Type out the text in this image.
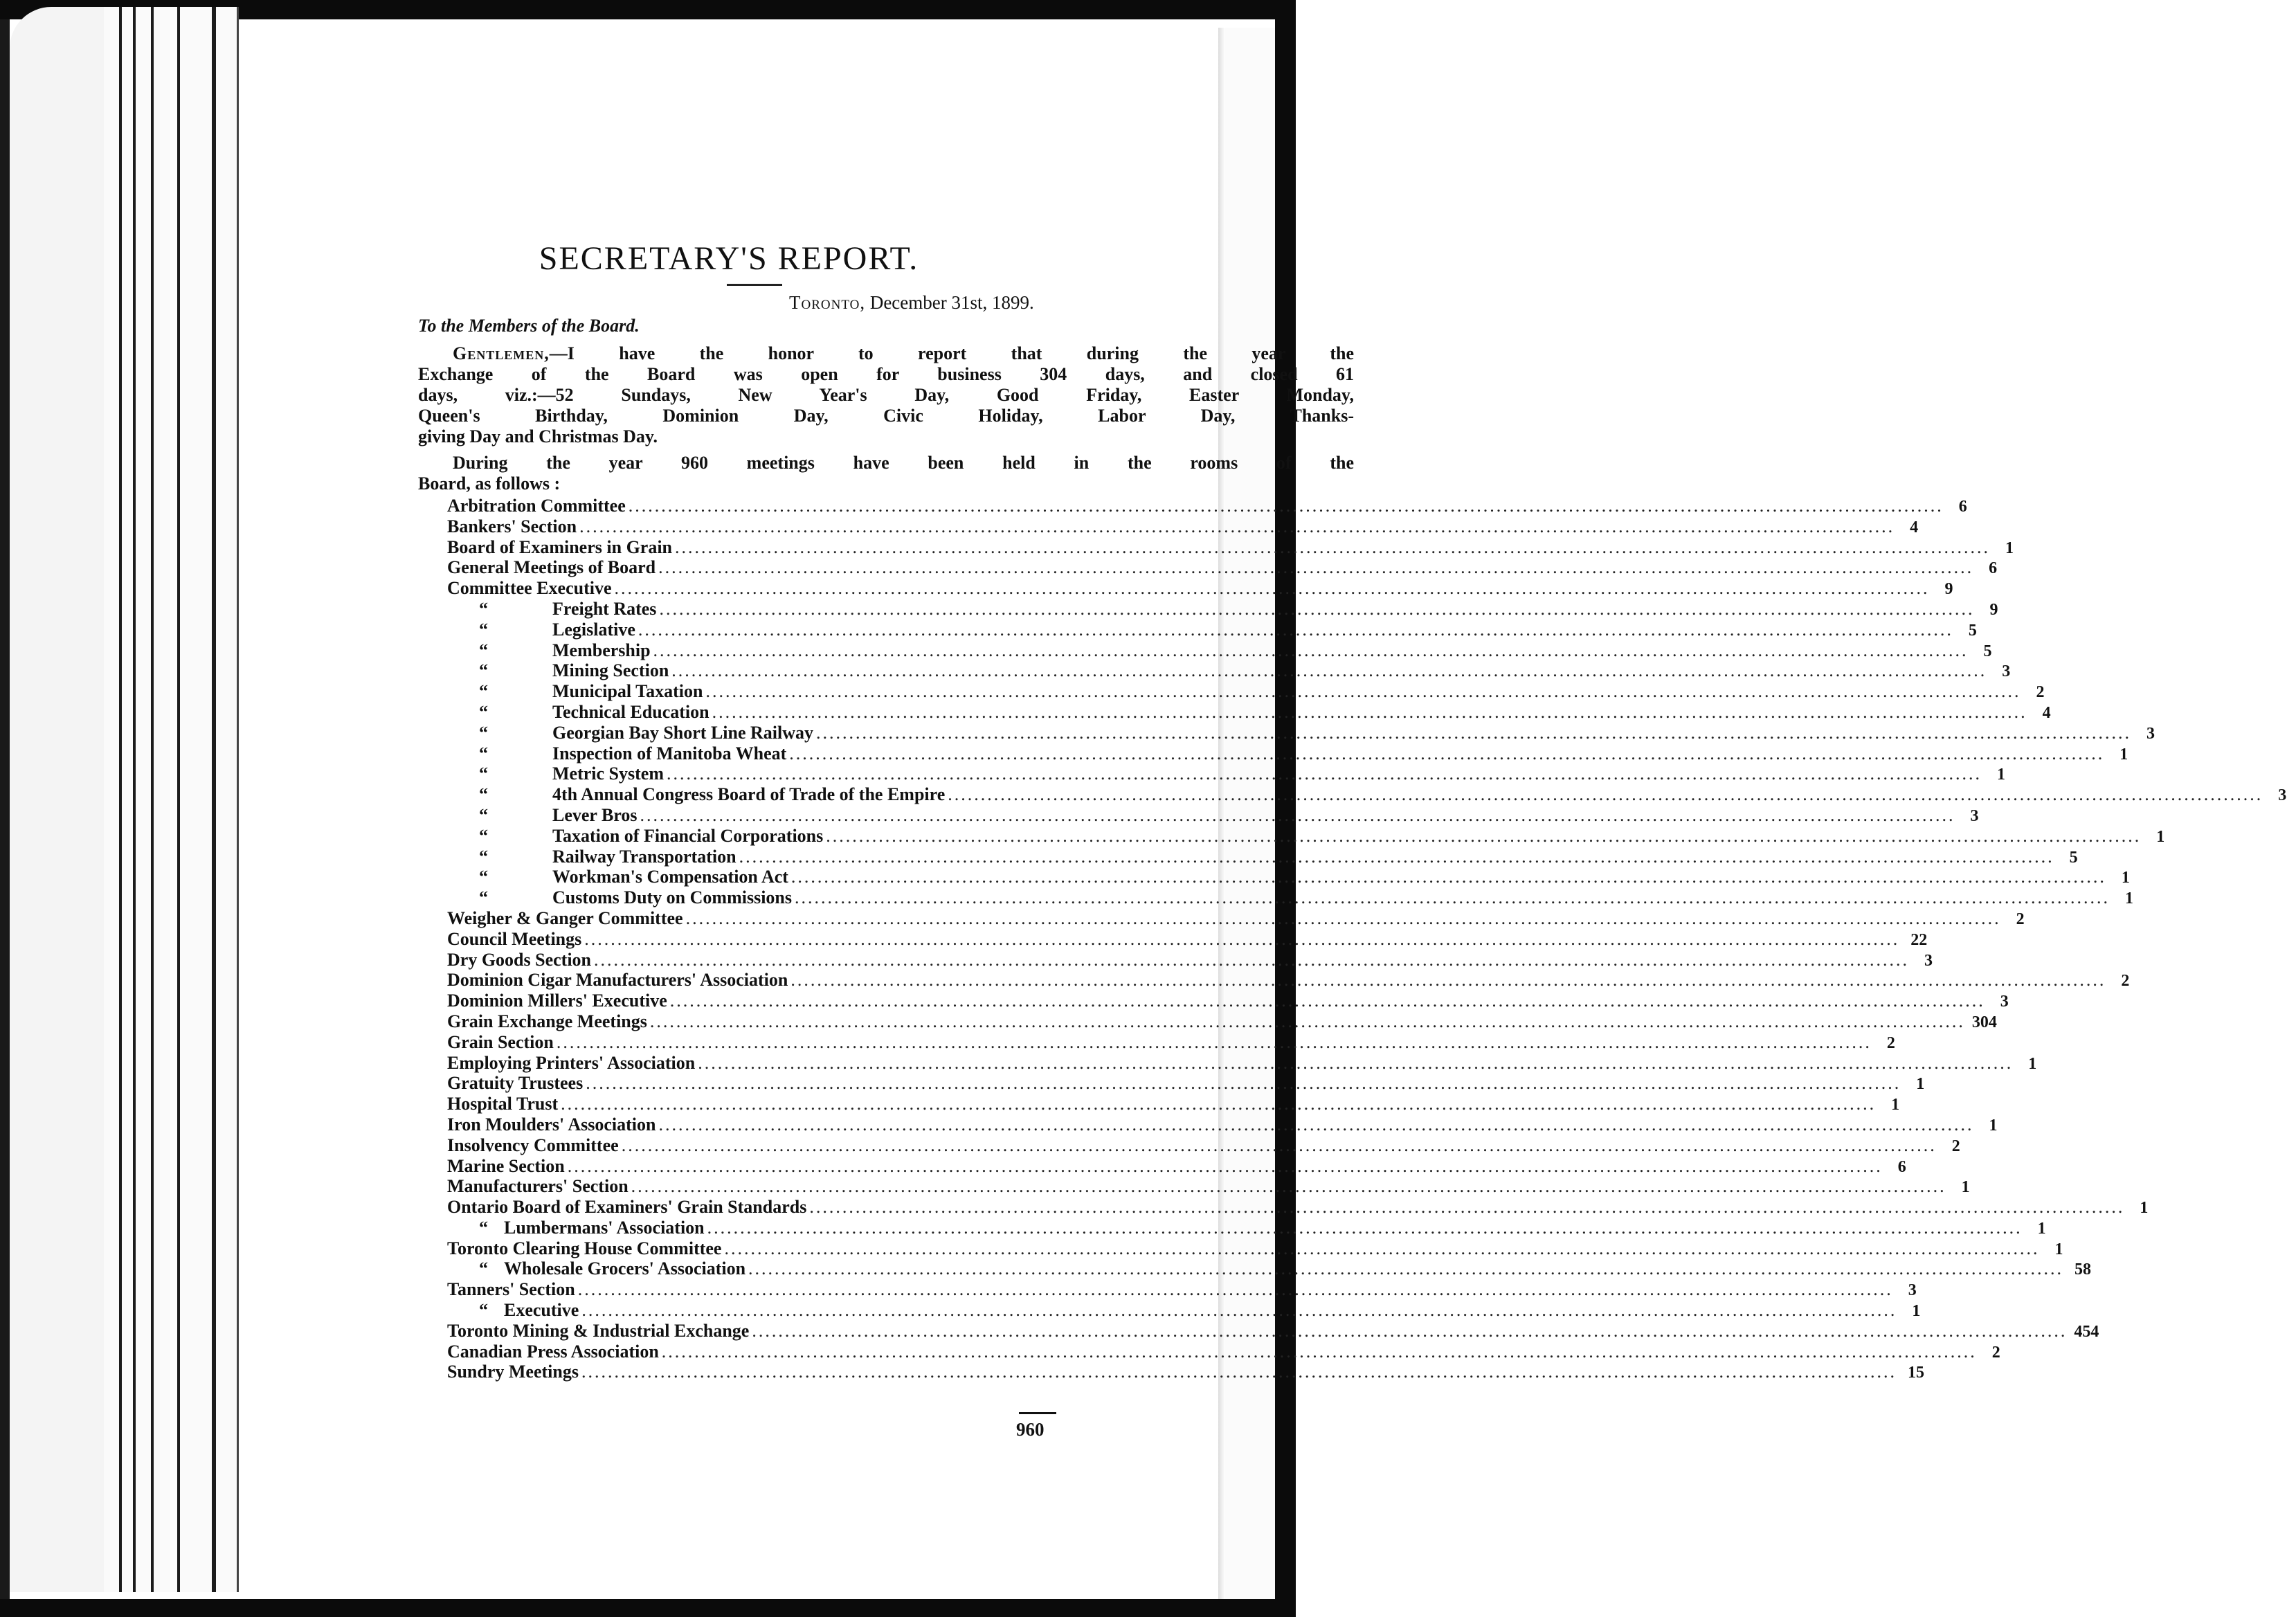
SECRETARY'S REPORT.
Toronto, December 31st, 1899.
To the Members of the Board.
Gentlemen,—I have the honor to report that during the year the
Exchange of the Board was open for business 304 days, and closed 61
days, viz.:—52 Sundays, New Year's Day, Good Friday, Easter Monday,
Queen's Birthday, Dominion Day, Civic Holiday, Labor Day, Thanks-
giving Day and Christmas Day.
During the year 960 meetings have been held in the rooms of the
Board, as follows :
Arbitration Committee .....	6
Bankers' Section .....	4
Board of Examiners in Grain .....	1
General Meetings of Board .....	6
Committee Executive .....	9
“	Freight Rates .....	9
“	Legislative .....	5
“	Membership .....	5
“	Mining Section .....	3
“	Municipal Taxation .....	2
“	Technical Education .....	4
“	Georgian Bay Short Line Railway .....	3
“	Inspection of Manitoba Wheat .....	1
“	Metric System .....	1
“	4th Annual Congress Board of Trade of the Empire .....	3
“	Lever Bros .....	3
“	Taxation of Financial Corporations .....	1
“	Railway Transportation .....	5
“	Workman's Compensation Act .....	1
“	Customs Duty on Commissions .....	1
Weigher & Ganger Committee .....	2
Council Meetings .....	22
Dry Goods Section .....	3
Dominion Cigar Manufacturers' Association .....	2
Dominion Millers' Executive .....	3
Grain Exchange Meetings .....	304
Grain Section .....	2
Employing Printers' Association .....	1
Gratuity Trustees .....	1
Hospital Trust .....	1
Iron Moulders' Association .....	1
Insolvency Committee .....	2
Marine Section .....	6
Manufacturers' Section .....	1
Ontario Board of Examiners' Grain Standards .....	1
“ Lumbermans' Association .....	1
Toronto Clearing House Committee .....	1
“ Wholesale Grocers' Association .....	58
Tanners' Section .....	3
“ Executive .....	1
Toronto Mining & Industrial Exchange .....	454
Canadian Press Association .....	2
Sundry Meetings .....	15
960
